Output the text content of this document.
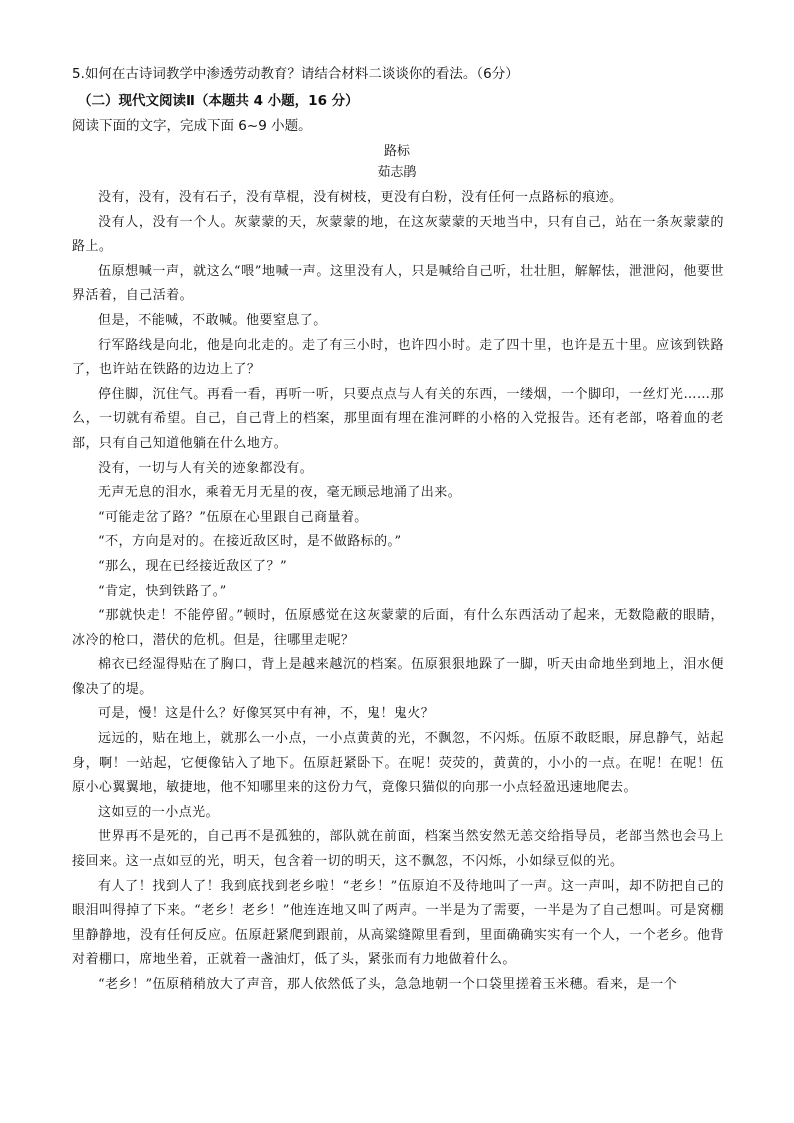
5.如何在古诗词教学中渗透劳动教育？请结合材料二谈谈你的看法。（6分）
（二）现代文阅读Ⅱ（本题共 4 小题，16 分）
阅读下面的文字，完成下面 6~9 小题。
路标
茹志鹃

没有，没有，没有石子，没有草棍，没有树枝，更没有白粉，没有任何一点路标的痕迹。

没有人，没有一个人。灰蒙蒙的天，灰蒙蒙的地，在这灰蒙蒙的天地当中，只有自己，站在一条灰蒙蒙的路上。

伍原想喊一声，就这么“喂”地喊一声。这里没有人，只是喊给自己听，壮壮胆，解解怯，泄泄闷，他要世界活着，自己活着。

但是，不能喊，不敢喊。他要窒息了。

行军路线是向北，他是向北走的。走了有三小时，也许四小时。走了四十里，也许是五十里。应该到铁路了，也许站在铁路的边边上了？

停住脚，沉住气。再看一看，再听一听，只要点点与人有关的东西，一缕烟，一个脚印，一丝灯光……那么，一切就有希望。自己，自己背上的档案，那里面有埋在淮河畔的小格的入党报告。还有老部，咯着血的老部，只有自己知道他躺在什么地方。

没有，一切与人有关的迹象都没有。

无声无息的泪水，乘着无月无星的夜，毫无顾忌地涌了出来。

“可能走岔了路？”伍原在心里跟自己商量着。

“不，方向是对的。在接近敌区时，是不做路标的。”

“那么，现在已经接近敌区了？”

“肯定，快到铁路了。”

“那就快走！不能停留。”顿时，伍原感觉在这灰蒙蒙的后面，有什么东西活动了起来，无数隐蔽的眼睛，冰冷的枪口，潜伏的危机。但是，往哪里走呢？

棉衣已经湿得贴在了胸口，背上是越来越沉的档案。伍原狠狠地跺了一脚，听天由命地坐到地上，泪水便像决了的堤。

可是，慢！这是什么？好像冥冥中有神，不，鬼！鬼火？

远远的，贴在地上，就那么一小点，一小点黄黄的光，不飘忽，不闪烁。伍原不敢眨眼，屏息静气，站起身，啊！一站起，它便像钻入了地下。伍原赶紧卧下。在呢！荧荧的，黄黄的，小小的一点。在呢！在呢！伍原小心翼翼地，敏捷地，他不知哪里来的这份力气，竟像只猫似的向那一小点轻盈迅速地爬去。

这如豆的一小点光。

世界再不是死的，自己再不是孤独的，部队就在前面，档案当然安然无恙交给指导员，老部当然也会马上接回来。这一点如豆的光，明天，包含着一切的明天，这不飘忽，不闪烁，小如绿豆似的光。

有人了！找到人了！我到底找到老乡啦！“老乡！”伍原迫不及待地叫了一声。这一声叫，却不防把自己的眼泪叫得掉了下来。“老乡！老乡！”他连连地又叫了两声。一半是为了需要，一半是为了自己想叫。可是窝棚里静静地，没有任何反应。伍原赶紧爬到跟前，从高粱缝隙里看到，里面确确实实有一个人，一个老乡。他背对着棚口，席地坐着，正就着一盏油灯，低了头，紧张而有力地做着什么。

“老乡！”伍原稍稍放大了声音，那人依然低了头，急急地朝一个口袋里搓着玉米穗。看来，是一个
